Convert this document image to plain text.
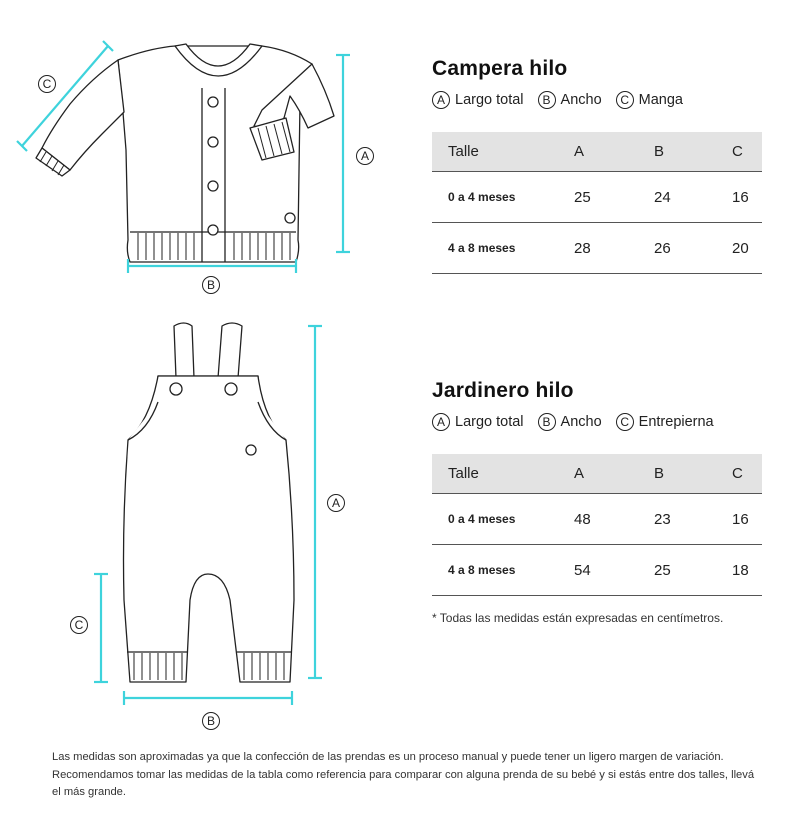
A
B
C
A
B
C
Campera hilo
A Largo total	B Ancho	C Manga
Talle	A	B	C
0 a 4 meses	25	24	16
4 a 8 meses	28	26	20
Jardinero hilo
A Largo total	B Ancho	C Entrepierna
Talle	A	B	C
0 a 4 meses	48	23	16
4 a 8 meses	54	25	18
* Todas las medidas están expresadas en centímetros.
Las medidas son aproximadas ya que la confección de las prendas es un proceso manual y puede tener un ligero margen de variación. Recomendamos tomar las medidas de la tabla como referencia para comparar con alguna prenda de su bebé y si estás entre dos talles, llevá el más grande.
